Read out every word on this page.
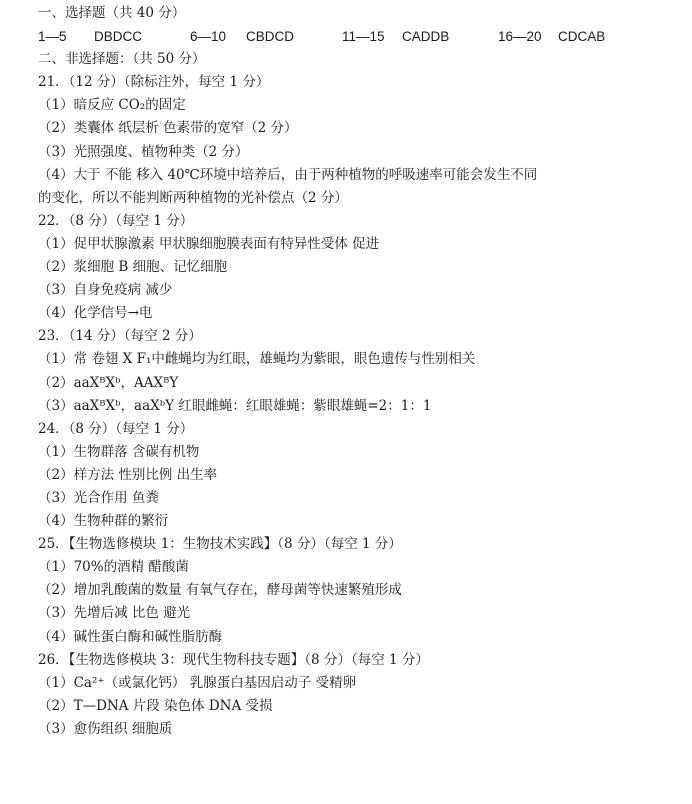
一、选择题（共 40 分）
1—5 DBDCC	6—10 CBDCD	11—15 CADDB	16—20 CDCAB
二、非选择题：（共 50 分）
21．（12 分）（除标注外，每空 1 分）
（1）暗反应 CO₂的固定
（2）类囊体 纸层析 色素带的宽窄（2 分）
（3）光照强度、植物种类（2 分）
（4）大于 不能 移入 40℃环境中培养后，由于两种植物的呼吸速率可能会发生不同
的变化，所以不能判断两种植物的光补偿点（2 分）
22．（8 分）（每空 1 分）
（1）促甲状腺激素 甲状腺细胞膜表面有特异性受体 促进
（2）浆细胞 B 细胞、记忆细胞
（3）自身免疫病 减少
（4）化学信号→电
23．（14 分）（每空 2 分）
（1）常 卷翅 X F₁中雌蝇均为红眼，雄蝇均为紫眼，眼色遗传与性别相关
（2）aaXᴮXᵇ，AAXᴮY
（3）aaXᴮXᵇ，aaXᵇY 红眼雌蝇：红眼雄蝇：紫眼雄蝇=2：1：1
24．（8 分）（每空 1 分）
（1）生物群落 含碳有机物
（2）样方法 性别比例 出生率
（3）光合作用 鱼粪
（4）生物种群的繁衍
25．【生物选修模块 1：生物技术实践】（8 分）（每空 1 分）
（1）70%的酒精 醋酸菌
（2）增加乳酸菌的数量 有氧气存在，酵母菌等快速繁殖形成
（3）先增后减 比色 避光
（4）碱性蛋白酶和碱性脂肪酶
26．【生物选修模块 3：现代生物科技专题】（8 分）（每空 1 分）
（1）Ca²⁺（或氯化钙） 乳腺蛋白基因启动子 受精卵
（2）T—DNA 片段 染色体 DNA 受损
（3）愈伤组织 细胞质
